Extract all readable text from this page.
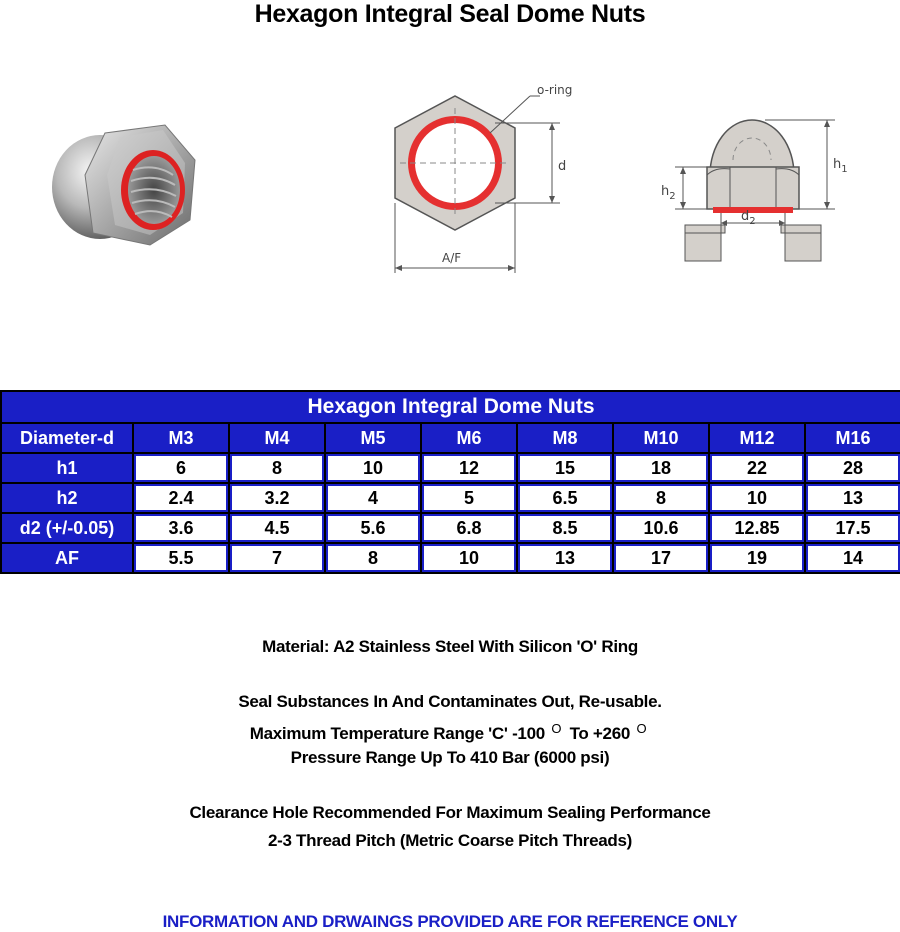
Hexagon Integral Seal Dome Nuts
o-ring
d
A/F
$d_2$
$h_1$
$h_2$
Hexagon Integral Dome Nuts								
Diameter-d	M3	M4	M5	M6	M8	M10	M12	M16
h1	6	8	10	12	15	18	22	28
h2	2.4	3.2	4	5	6.5	8	10	13
d2 (+/-0.05)	3.6	4.5	5.6	6.8	8.5	10.6	12.85	17.5
AF	5.5	7	8	10	13	17	19	14
Material: A2 Stainless Steel With Silicon 'O' Ring
Seal Substances In And Contaminates Out, Re-usable.
Maximum Temperature Range 'C' -100 $^O$ To +260 $^O$
Pressure Range Up To 410 Bar (6000 psi)
Clearance Hole Recommended For Maximum Sealing Performance
2-3 Thread Pitch (Metric Coarse Pitch Threads)
INFORMATION AND DRWAINGS PROVIDED ARE FOR REFERENCE ONLY
